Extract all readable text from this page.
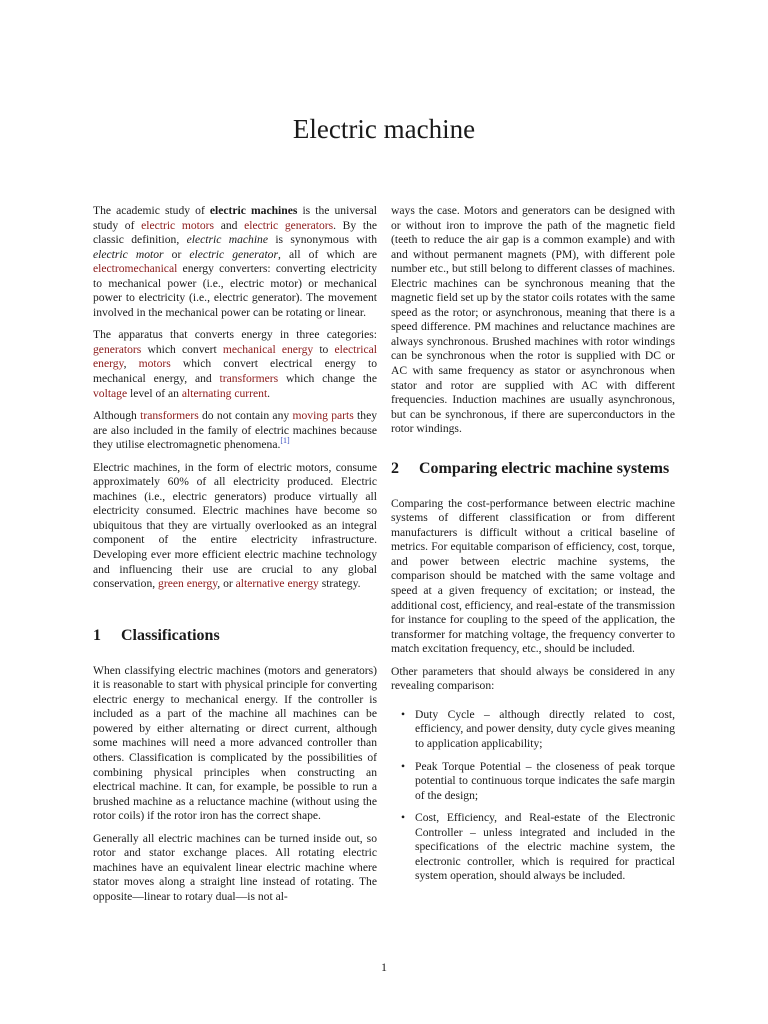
Electric machine

The academic study of electric machines is the universal study of electric motors and electric generators. By the classic definition, electric machine is synonymous with electric motor or electric generator, all of which are electromechanical energy converters: converting electricity to mechanical power (i.e., electric motor) or mechanical power to electricity (i.e., electric generator). The movement involved in the mechanical power can be rotating or linear.

The apparatus that converts energy in three categories: generators which convert mechanical energy to electrical energy, motors which convert electrical energy to mechanical energy, and transformers which change the voltage level of an alternating current.

Although transformers do not contain any moving parts they are also included in the family of electric machines because they utilise electromagnetic phenomena.[1]

Electric machines, in the form of electric motors, consume approximately 60% of all electricity produced. Electric machines (i.e., electric generators) produce virtually all electricity consumed. Electric machines have become so ubiquitous that they are virtually overlooked as an integral component of the entire electricity infrastructure. Developing ever more efficient electric machine technology and influencing their use are crucial to any global conservation, green energy, or alternative energy strategy.

1	Classifications

When classifying electric machines (motors and generators) it is reasonable to start with physical principle for converting electric energy to mechanical energy. If the controller is included as a part of the machine all machines can be powered by either alternating or direct current, although some machines will need a more advanced controller than others. Classification is complicated by the possibilities of combining physical principles when constructing an electrical machine. It can, for example, be possible to run a brushed machine as a reluctance machine (without using the rotor coils) if the rotor iron has the correct shape.

Generally all electric machines can be turned inside out, so rotor and stator exchange places. All rotating electric machines have an equivalent linear electric machine where stator moves along a straight line instead of rotating. The opposite—linear to rotary dual—is not al-

ways the case. Motors and generators can be designed with or without iron to improve the path of the magnetic field (teeth to reduce the air gap is a common example) and with and without permanent magnets (PM), with different pole number etc., but still belong to different classes of machines. Electric machines can be synchronous meaning that the magnetic field set up by the stator coils rotates with the same speed as the rotor; or asynchronous, meaning that there is a speed difference. PM machines and reluctance machines are always synchronous. Brushed machines with rotor windings can be synchronous when the rotor is supplied with DC or AC with same frequency as stator or asynchronous when stator and rotor are supplied with AC with different frequencies. Induction machines are usually asynchronous, but can be synchronous, if there are superconductors in the rotor windings.

2	Comparing electric machine systems

Comparing the cost-performance between electric machine systems of different classification or from different manufacturers is difficult without a critical baseline of metrics. For equitable comparison of efficiency, cost, torque, and power between electric machine systems, the comparison should be matched with the same voltage and speed at a given frequency of excitation; or instead, the additional cost, efficiency, and real-estate of the transmission for instance for coupling to the speed of the application, the transformer for matching voltage, the frequency converter to match excitation frequency, etc., should be included.

Other parameters that should always be considered in any revealing comparison:

• Duty Cycle – although directly related to cost, efficiency, and power density, duty cycle gives meaning to application applicability;
• Peak Torque Potential – the closeness of peak torque potential to continuous torque indicates the safe margin of the design;
• Cost, Efficiency, and Real-estate of the Electronic Controller – unless integrated and included in the specifications of the electric machine system, the electronic controller, which is required for practical system operation, should always be included.
1
